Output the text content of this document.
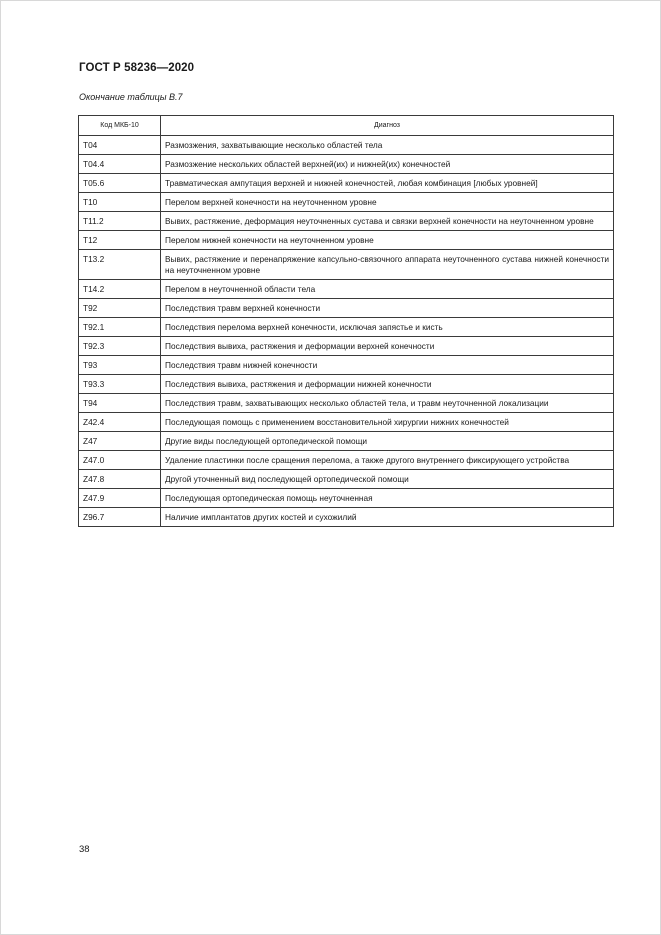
ГОСТ Р 58236—2020
Окончание таблицы В.7
Код МКБ-10	Диагноз
T04	Размозжения, захватывающие несколько областей тела
T04.4	Размозжение нескольких областей верхней(их) и нижней(их) конечностей
T05.6	Травматическая ампутация верхней и нижней конечностей, любая комбинация [любых уровней]
T10	Перелом верхней конечности на неуточненном уровне
T11.2	Вывих, растяжение, деформация неуточненных сустава и связки верхней конечности на неуточненном уровне
T12	Перелом нижней конечности на неуточненном уровне
T13.2	Вывих, растяжение и перенапряжение капсульно-связочного аппарата неуточненного сустава нижней конечности на неуточненном уровне
T14.2	Перелом в неуточненной области тела
T92	Последствия травм верхней конечности
T92.1	Последствия перелома верхней конечности, исключая запястье и кисть
T92.3	Последствия вывиха, растяжения и деформации верхней конечности
T93	Последствия травм нижней конечности
T93.3	Последствия вывиха, растяжения и деформации нижней конечности
T94	Последствия травм, захватывающих несколько областей тела, и травм неуточненной локализации
Z42.4	Последующая помощь с применением восстановительной хирургии нижних конечностей
Z47	Другие виды последующей ортопедической помощи
Z47.0	Удаление пластинки после сращения перелома, а также другого внутреннего фиксирующего устройства
Z47.8	Другой уточненный вид последующей ортопедической помощи
Z47.9	Последующая ортопедическая помощь неуточненная
Z96.7	Наличие имплантатов других костей и сухожилий
38
